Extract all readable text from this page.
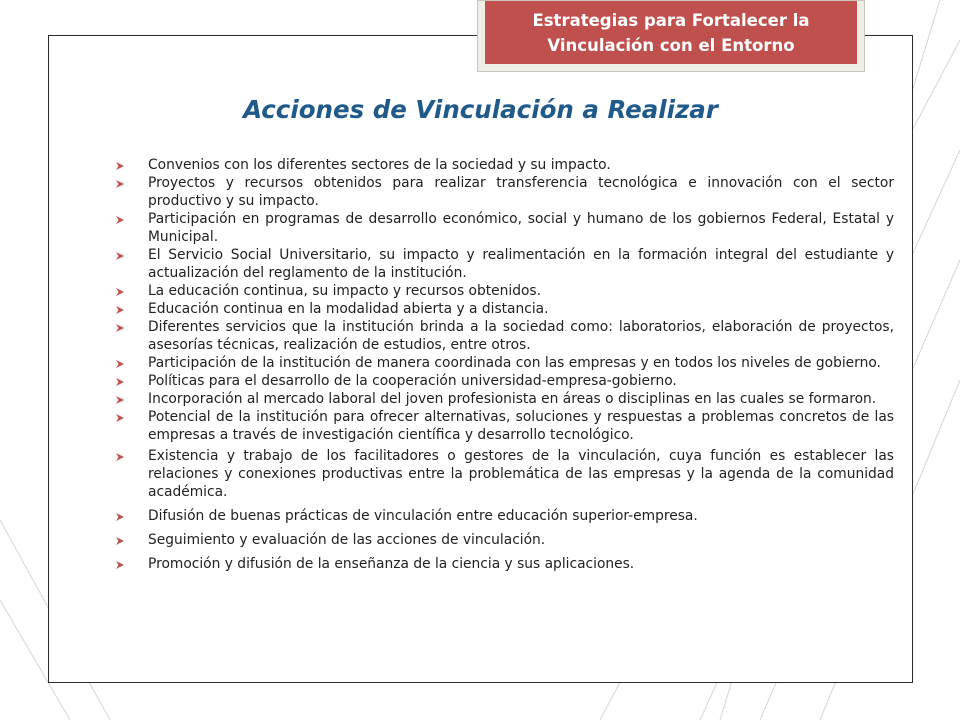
Estrategias para Fortalecer la
Vinculación con el Entorno
Acciones de Vinculación a Realizar
Convenios con los diferentes sectores de la sociedad y su impacto.
Proyectos y recursos obtenidos para realizar transferencia tecnológica e innovación con el sector productivo y su impacto.
Participación en programas de desarrollo económico, social y humano de los gobiernos Federal, Estatal y Municipal.
El Servicio Social Universitario, su impacto y realimentación en la formación integral del estudiante y actualización del reglamento de la institución.
La educación continua, su impacto y recursos obtenidos.
Educación continua en la modalidad abierta y a distancia.
Diferentes servicios que la institución brinda a la sociedad como: laboratorios, elaboración de proyectos, asesorías técnicas, realización de estudios, entre otros.
Participación de la institución de manera coordinada con las empresas y en todos los niveles de gobierno.
Políticas para el desarrollo de la cooperación universidad-empresa-gobierno.
Incorporación al mercado laboral del joven profesionista en áreas o disciplinas en las cuales se formaron.
Potencial de la institución para ofrecer alternativas, soluciones y respuestas a problemas concretos de las empresas a través de investigación científica y desarrollo tecnológico.
Existencia y trabajo de los facilitadores o gestores de la vinculación, cuya función es establecer las relaciones y conexiones productivas entre la problemática de las empresas y la agenda de la comunidad académica.
Difusión de buenas prácticas de vinculación entre educación superior-empresa.
Seguimiento y evaluación de las acciones de vinculación.
Promoción y difusión de la enseñanza de la ciencia y sus aplicaciones.
